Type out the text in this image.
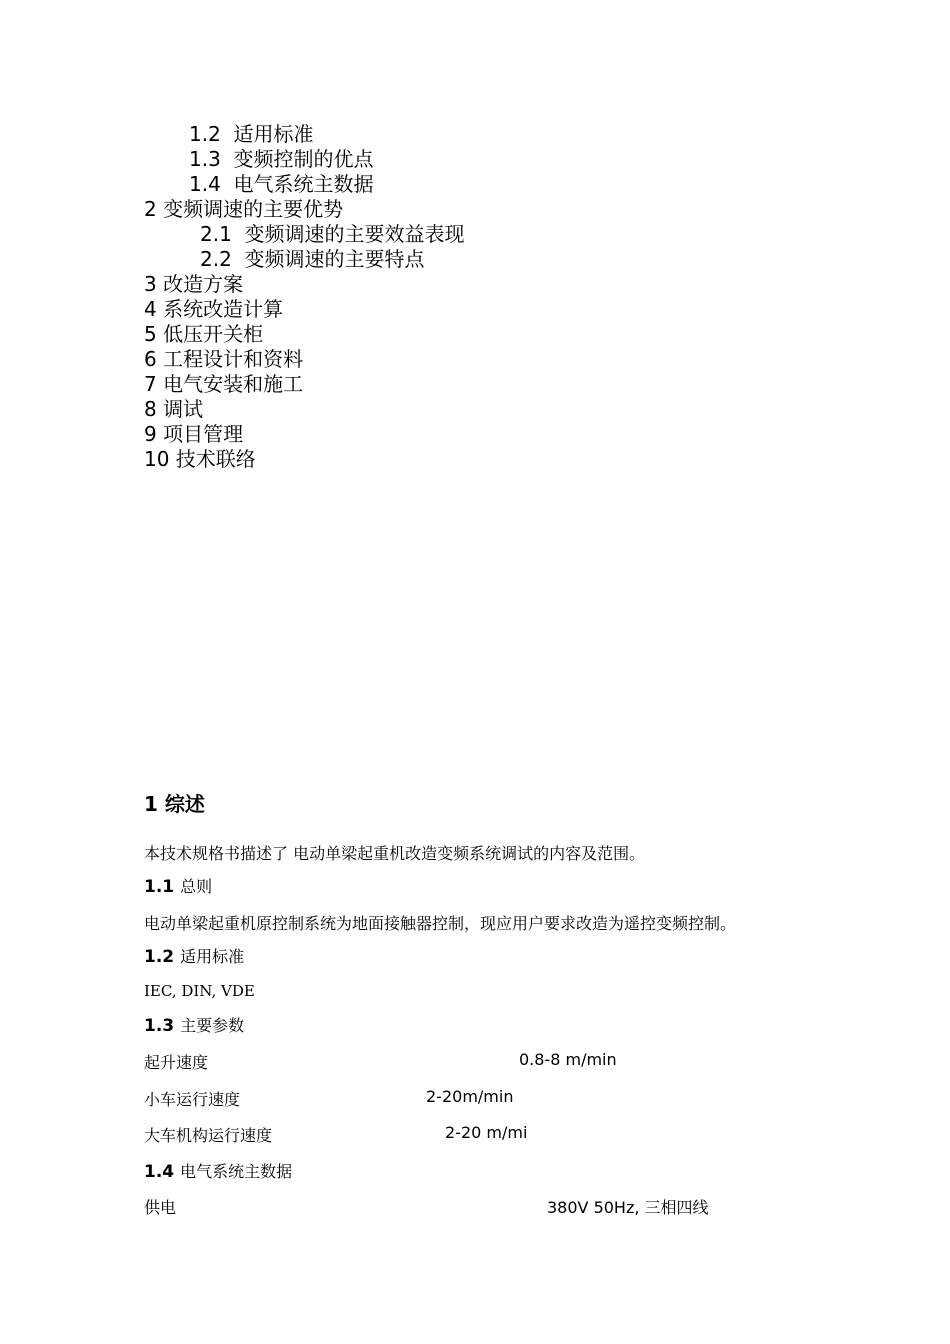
1.2  适用标准
1.3  变频控制的优点
1.4  电气系统主数据
2 变频调速的主要优势
2.1  变频调速的主要效益表现
2.2  变频调速的主要特点
3 改造方案
4 系统改造计算
5 低压开关柜
6 工程设计和资料
7 电气安装和施工
8 调试
9 项目管理
10 技术联络
1 综述
本技术规格书描述了 电动单梁起重机改造变频系统调试的内容及范围。
1.1 总则
电动单梁起重机原控制系统为地面接触器控制，现应用户要求改造为遥控变频控制。
1.2 适用标准
IEC, DIN, VDE
1.3 主要参数
起升速度	0.8-8 m/min
小车运行速度	2-20m/min
大车机构运行速度	2-20 m/mi
1.4 电气系统主数据
供电	380V 50Hz, 三相四线
